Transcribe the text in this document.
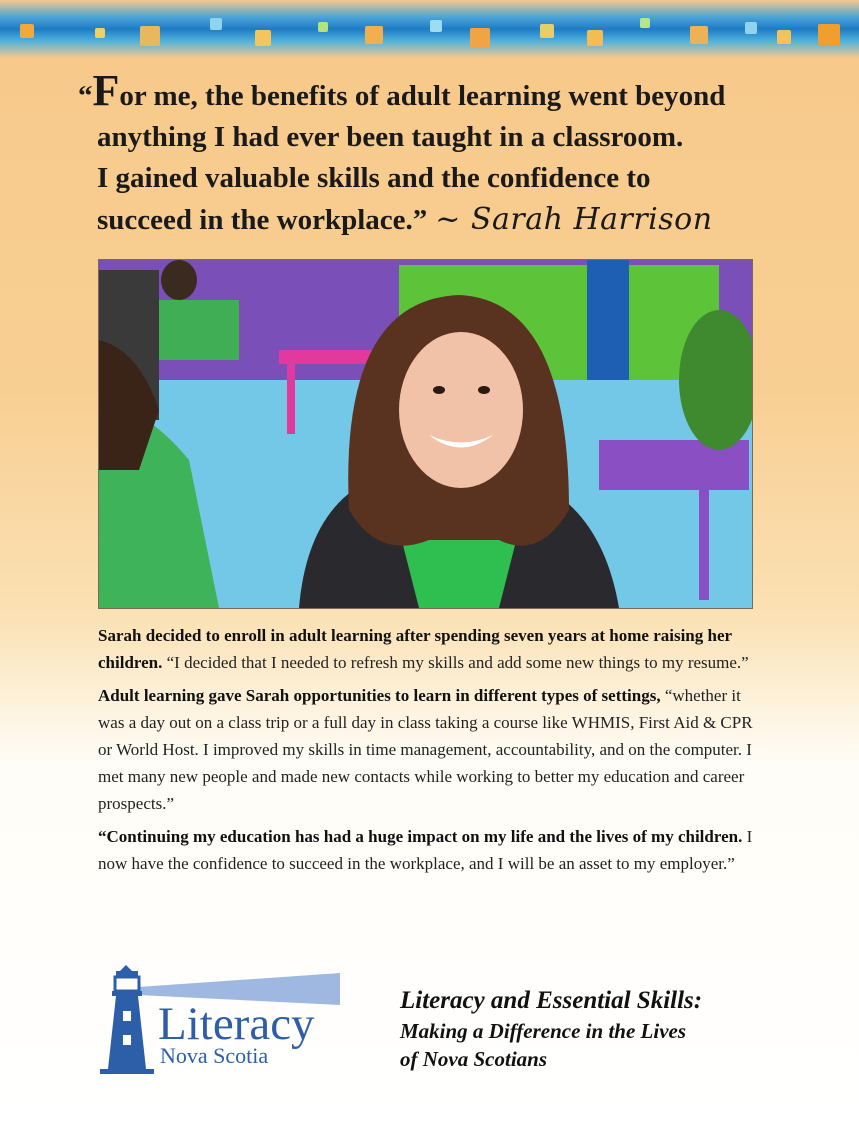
“For me, the benefits of adult learning went beyond
anything I had ever been taught in a classroom.
I gained valuable skills and the confidence to
succeed in the workplace.” ~ Sarah Harrison

Sarah decided to enroll in adult learning after spending seven years at home raising her children. “I decided that I needed to refresh my skills and add some new things to my resume.”

Adult learning gave Sarah opportunities to learn in different types of settings, “whether it was a day out on a class trip or a full day in class taking a course like WHMIS, First Aid & CPR or World Host. I improved my skills in time management, accountability, and on the computer. I met many new people and made new contacts while working to better my education and career prospects.”

“Continuing my education has had a huge impact on my life and the lives of my children. I now have the confidence to succeed in the workplace, and I will be an asset to my employer.”

Literacy
Nova Scotia
Literacy and Essential Skills:
Making a Difference in the Lives
of Nova Scotians
